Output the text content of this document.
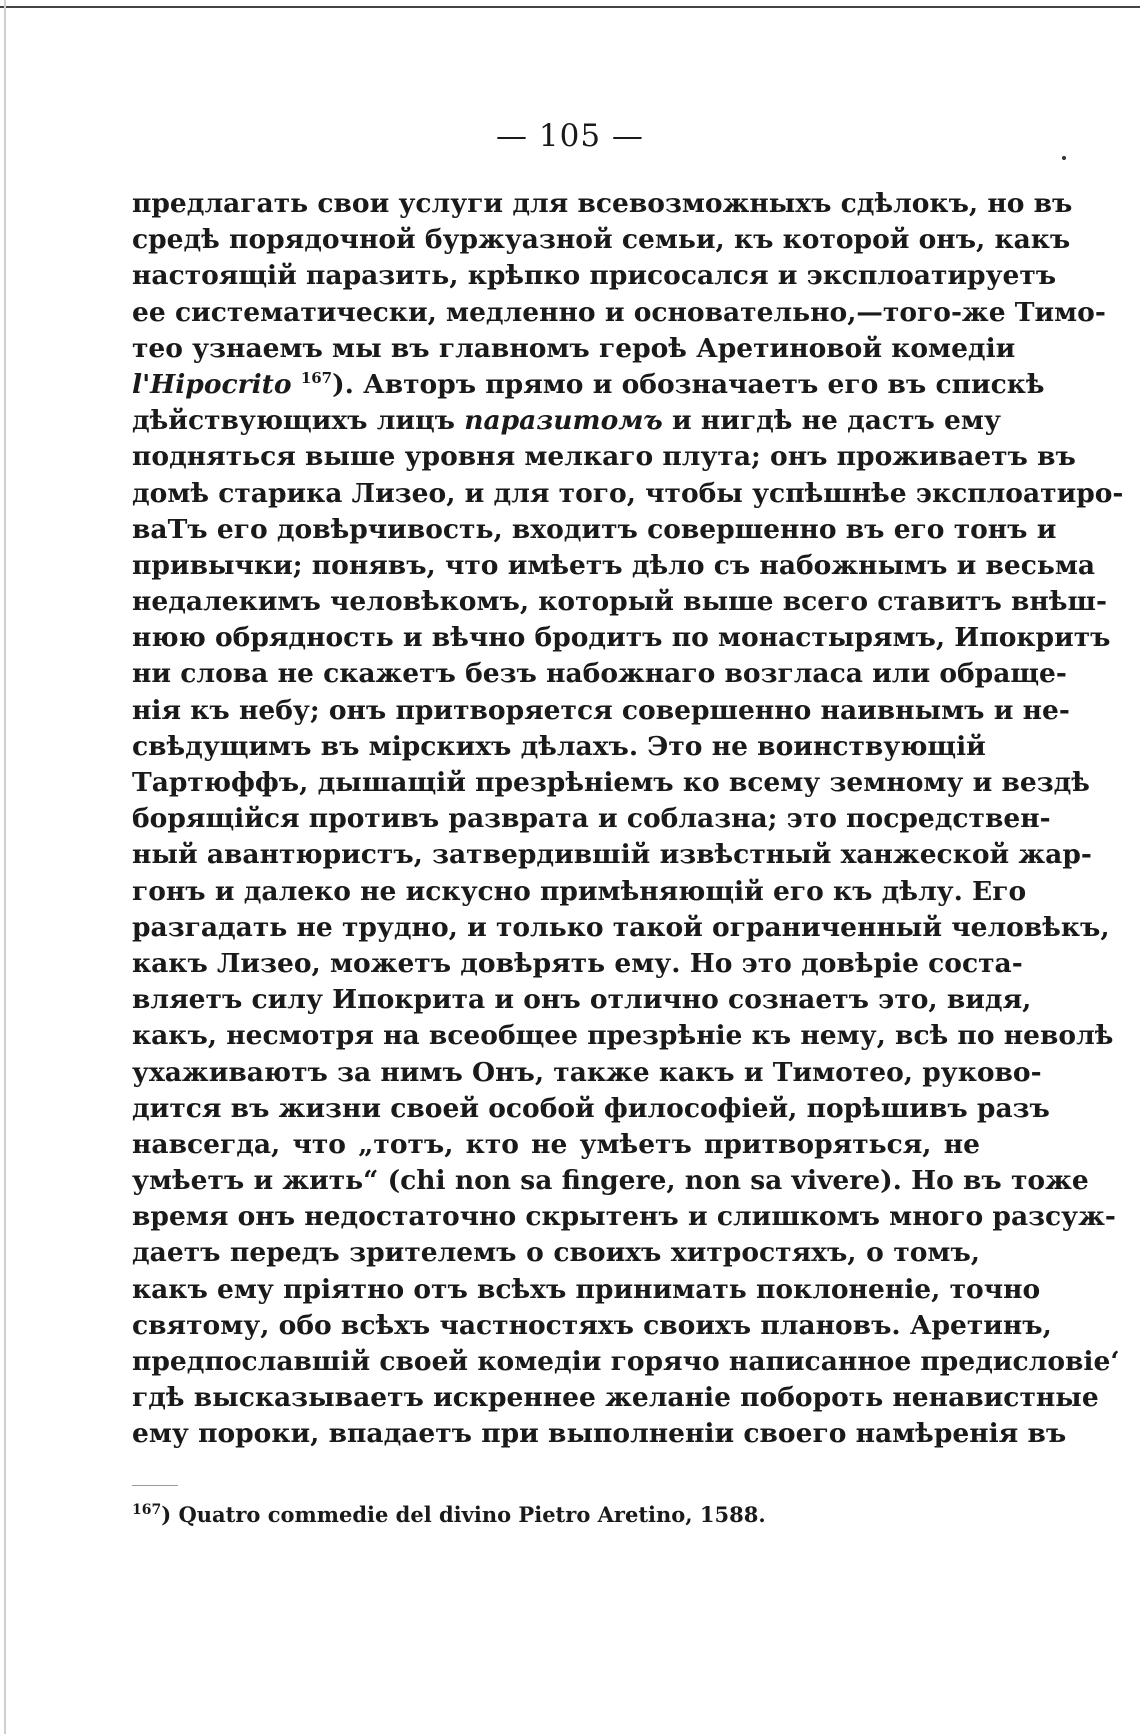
— 105 —
предлагать свои услуги для всевозможныхъ сдѣлокъ, но въ
средѣ порядочной буржуазной семьи, къ которой онъ, какъ
настоящій паразить, крѣпко присосался и эксплоатируетъ
ее систематически, медленно и основательно,—того-же Тимо-
тео узнаемъ мы въ главномъ героѣ Аретиновой комедіи
l'Hipocrito $^{167}$). Авторъ прямо и обозначаетъ его въ спискѣ
дѣйствующихъ лицъ паразитомъ и нигдѣ не дастъ ему
подняться выше уровня мелкаго плута; онъ проживаетъ въ
домѣ старика Лизео, и для того, чтобы успѣшнѣе эксплоатиро-
ваТъ его довѣрчивость, входитъ совершенно въ его тонъ и
привычки; понявъ, что имѣетъ дѣло съ набожнымъ и весьма
недалекимъ человѣкомъ, который выше всего ставитъ внѣш-
нюю обрядность и вѣчно бродитъ по монастырямъ, Ипокритъ
ни слова не скажетъ безъ набожнаго возгласа или обраще-
нія къ небу; онъ притворяется совершенно наивнымъ и не-
свѣдущимъ въ мірскихъ дѣлахъ. Это не воинствующій
Тартюффъ, дышащій презрѣніемъ ко всему земному и вездѣ
борящійся противъ разврата и соблазна; это посредствен-
ный авантюристъ, затвердившій извѣстный ханжеской жар-
гонъ и далеко не искусно примѣняющій его къ дѣлу. Его
разгадать не трудно, и только такой ограниченный человѣкъ,
какъ Лизео, можетъ довѣрять ему. Но это довѣріе соста-
вляетъ силу Ипокрита и онъ отлично сознаетъ это, видя,
какъ, несмотря на всеобщее презрѣніе къ нему, всѣ по неволѣ
ухаживаютъ за нимъ Онъ, также какъ и Тимотео, руково-
дится въ жизни своей особой философіей, порѣшивъ разъ
навсегда, что „тотъ, кто не умѣетъ притворяться, не
умѣетъ и жить“ (chi non sa fingere, non sa vivere). Но въ тоже
время онъ недостаточно скрытенъ и слишкомъ много разсуж-
даетъ передъ зрителемъ о своихъ хитростяхъ, о томъ,
какъ ему пріятно отъ всѣхъ принимать поклоненіе, точно
святому, обо всѣхъ частностяхъ своихъ плановъ. Аретинъ,
предпославшій своей комедіи горячо написанное предисловіе‘
гдѣ высказываетъ искреннее желаніе побороть ненавистные
ему пороки, впадаетъ при выполненіи своего намѣренія въ
$^{167}$) Quatro commedie del divino Pietro Aretino, 1588.
